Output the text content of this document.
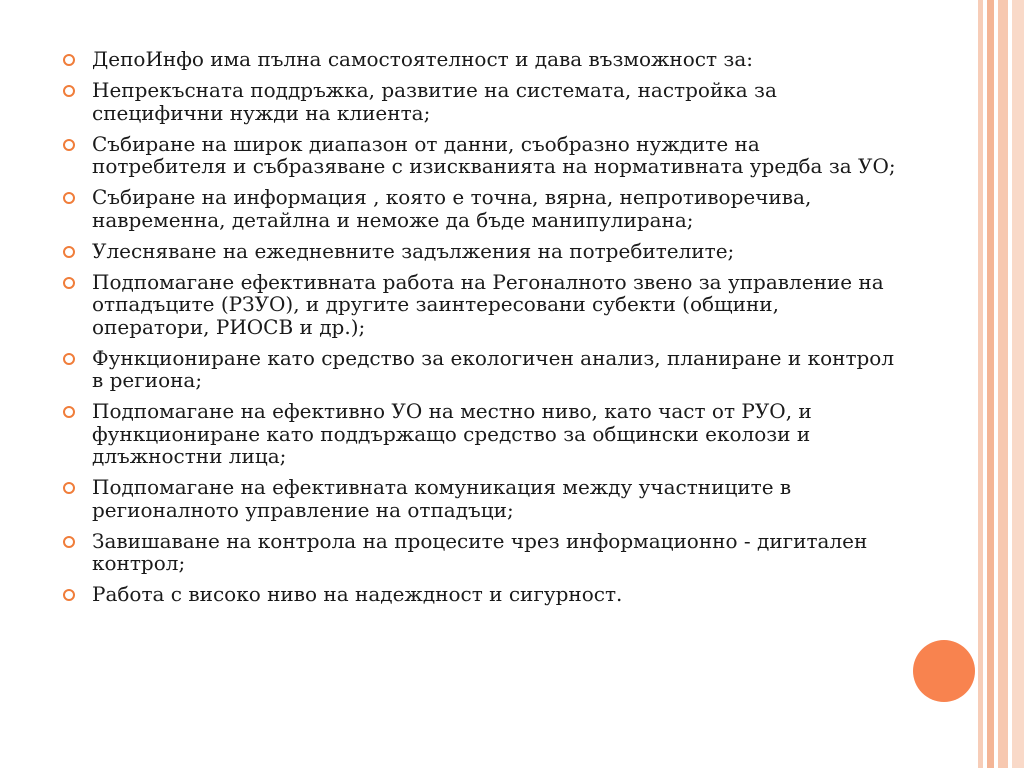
ДепоИнфо има пълна самостоятелност и дава възможност за:
Непрекъсната поддръжка, развитие на системата, настройка за специфични нужди на клиента;
Събиране на широк диапазон от данни, съобразно нуждите на потребителя и събразяване с изискванията на нормативната уредба за УО;
Събиране на информация , която е точна, вярна, непротиворечива, навременна, детайлна и неможе да бъде манипулирана;
Улесняване на ежедневните задължения на потребителите;
Подпомагане ефективната работа на Регоналното звено за управление на отпадъците (РЗУО), и другите заинтересовани субекти (общини, оператори, РИОСВ и др.);
Функциониране като средство за екологичен анализ, планиране и контрол в региона;
Подпомагане на ефективно УО на местно ниво, като част от РУО, и функциониране като поддържащо средство за общински еколози и длъжностни лица;
Подпомагане на ефективната комуникация между участниците в регионалното управление на отпадъци;
Завишаване на контрола на процесите чрез информационно - дигитален контрол;
Работа с високо ниво на надеждност и сигурност.
